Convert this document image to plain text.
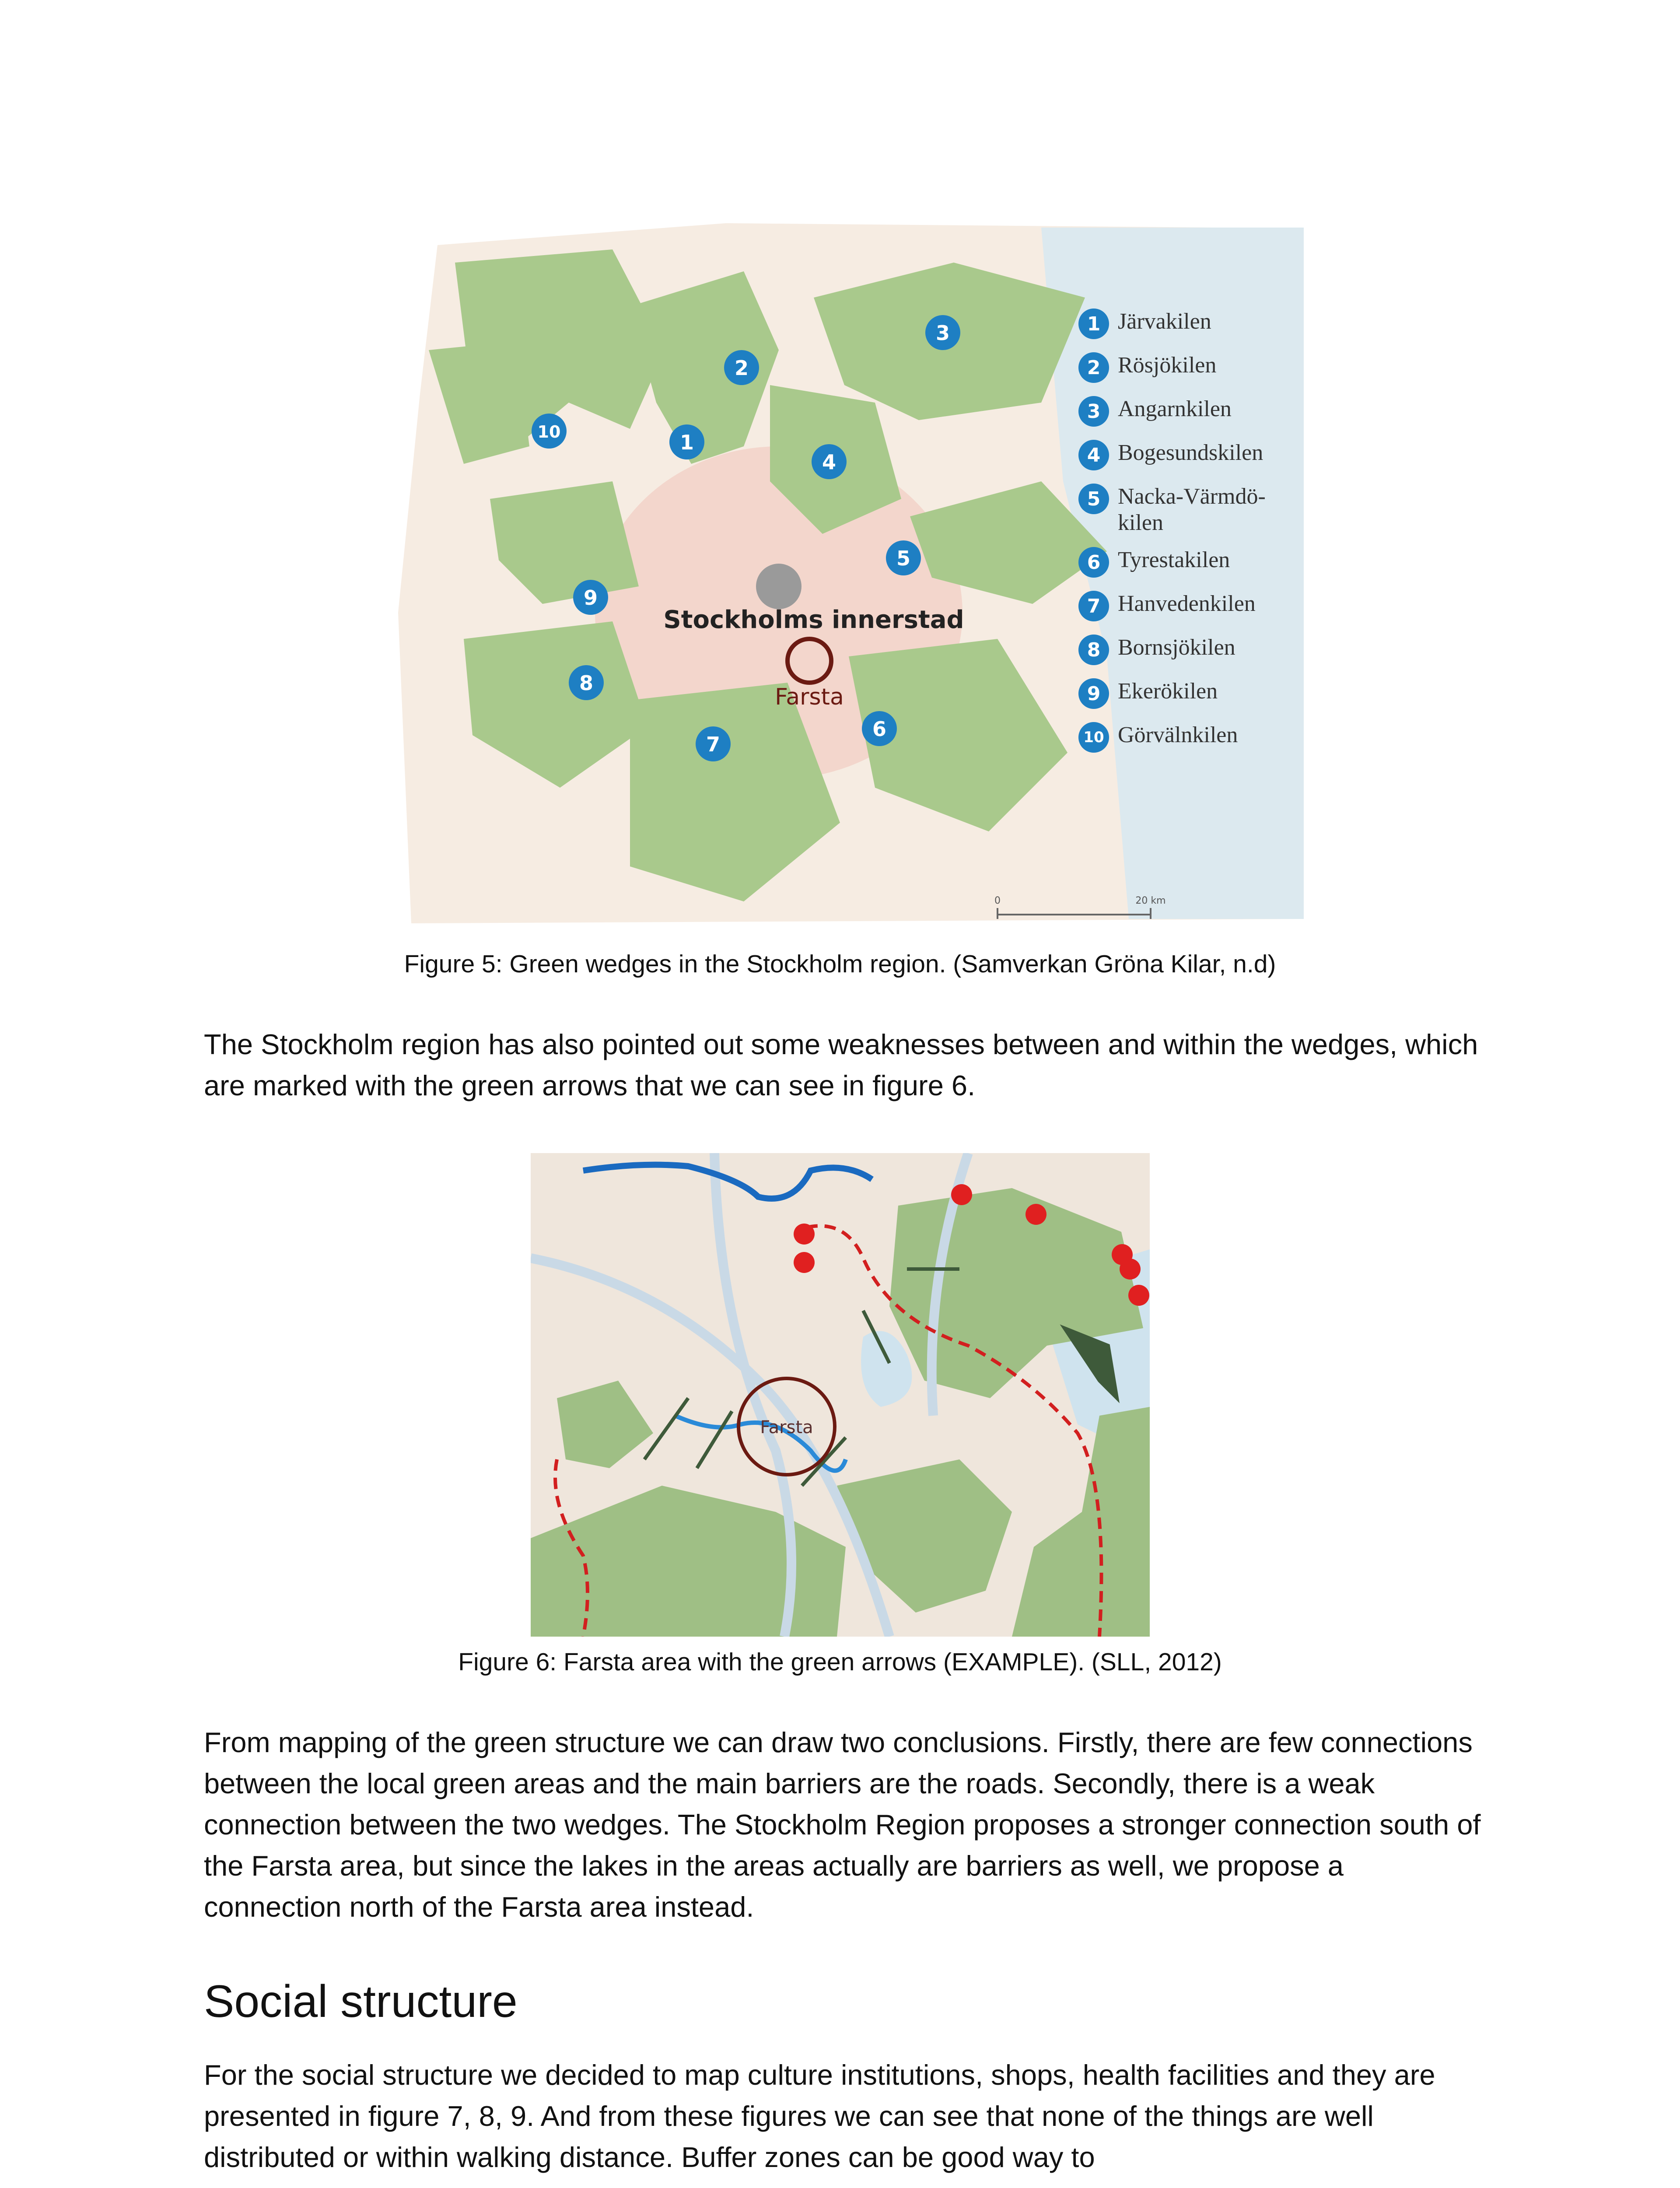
Stockholms innerstad
Farsta
1
2
3
4
5
6
7
8
9
10
0	20 km
1 Järvakilen
2 Rösjökilen
3 Angarnkilen
4 Bogesundskilen
5 Nacka-Värmdö-kilen
6 Tyrestakilen
7 Hanvedenkilen
8 Bornsjökilen
9 Ekerökilen
10 Görvälnkilen

Figure 5: Green wedges in the Stockholm region. (Samverkan Gröna Kilar, n.d)

The Stockholm region has also pointed out some weaknesses between and within the wedges, which are marked with the green arrows that we can see in figure 6.

Farsta

Figure 6: Farsta area with the green arrows (EXAMPLE). (SLL, 2012)

From mapping of the green structure we can draw two conclusions. Firstly, there are few connections between the local green areas and the main barriers are the roads. Secondly, there is a weak connection between the two wedges. The Stockholm Region proposes a stronger connection south of the Farsta area, but since the lakes in the areas actually are barriers as well, we propose a connection north of the Farsta area instead.

Social structure

For the social structure we decided to map culture institutions, shops, health facilities and they are presented in figure 7, 8, 9. And from these figures we can see that none of the things are well distributed or within walking distance. Buffer zones can be good way to
